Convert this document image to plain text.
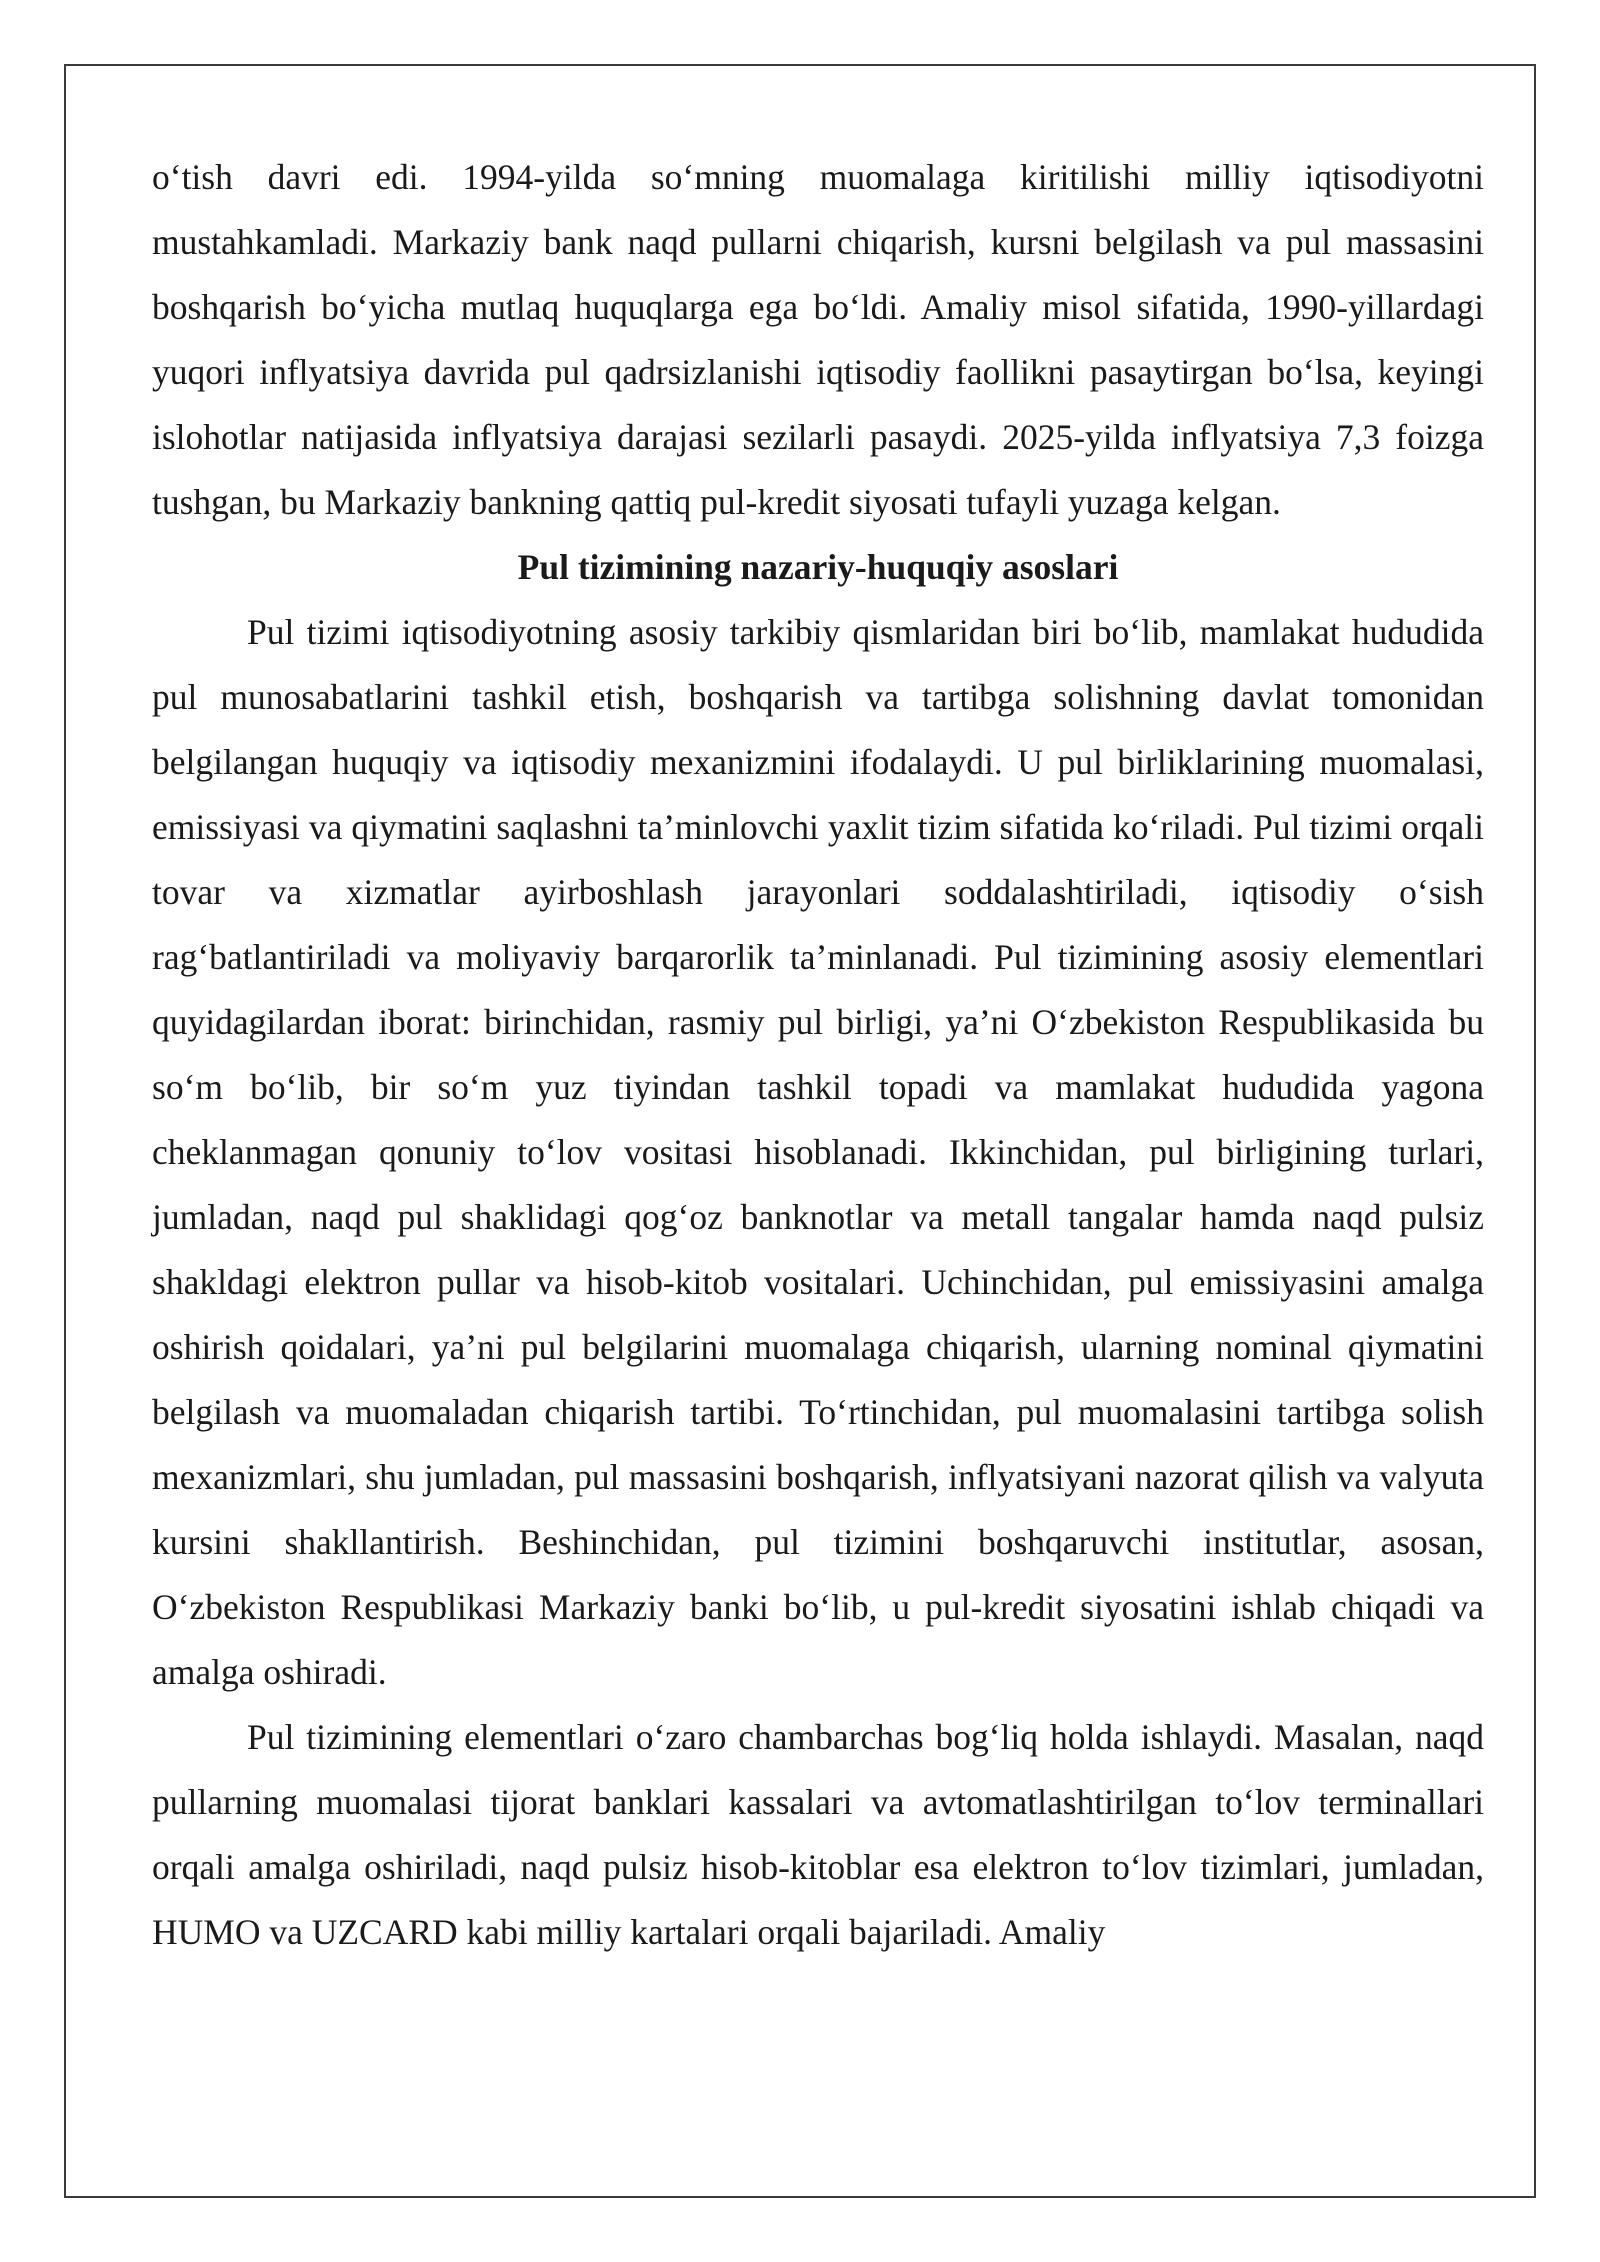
o‘tish davri edi. 1994-yilda so‘mning muomalaga kiritilishi milliy iqtisodiyotni mustahkamladi. Markaziy bank naqd pullarni chiqarish, kursni belgilash va pul massasini boshqarish bo‘yicha mutlaq huquqlarga ega bo‘ldi. Amaliy misol sifatida, 1990-yillardagi yuqori inflyatsiya davrida pul qadrsizlanishi iqtisodiy faollikni pasaytirgan bo‘lsa, keyingi islohotlar natijasida inflyatsiya darajasi sezilarli pasaydi. 2025-yilda inflyatsiya 7,3 foizga tushgan, bu Markaziy bankning qattiq pul-kredit siyosati tufayli yuzaga kelgan.

Pul tizimining nazariy-huquqiy asoslari

Pul tizimi iqtisodiyotning asosiy tarkibiy qismlaridan biri bo‘lib, mamlakat hududida pul munosabatlarini tashkil etish, boshqarish va tartibga solishning davlat tomonidan belgilangan huquqiy va iqtisodiy mexanizmini ifodalaydi. U pul birliklarining muomalasi, emissiyasi va qiymatini saqlashni ta’minlovchi yaxlit tizim sifatida ko‘riladi. Pul tizimi orqali tovar va xizmatlar ayirboshlash jarayonlari soddalashtiriladi, iqtisodiy o‘sish rag‘batlantiriladi va moliyaviy barqarorlik ta’minlanadi. Pul tizimining asosiy elementlari quyidagilardan iborat: birinchidan, rasmiy pul birligi, ya’ni O‘zbekiston Respublikasida bu so‘m bo‘lib, bir so‘m yuz tiyindan tashkil topadi va mamlakat hududida yagona cheklanmagan qonuniy to‘lov vositasi hisoblanadi. Ikkinchidan, pul birligining turlari, jumladan, naqd pul shaklidagi qog‘oz banknotlar va metall tangalar hamda naqd pulsiz shakldagi elektron pullar va hisob-kitob vositalari. Uchinchidan, pul emissiyasini amalga oshirish qoidalari, ya’ni pul belgilarini muomalaga chiqarish, ularning nominal qiymatini belgilash va muomaladan chiqarish tartibi. To‘rtinchidan, pul muomalasini tartibga solish mexanizmlari, shu jumladan, pul massasini boshqarish, inflyatsiyani nazorat qilish va valyuta kursini shakllantirish. Beshinchidan, pul tizimini boshqaruvchi institutlar, asosan, O‘zbekiston Respublikasi Markaziy banki bo‘lib, u pul-kredit siyosatini ishlab chiqadi va amalga oshiradi.

Pul tizimining elementlari o‘zaro chambarchas bog‘liq holda ishlaydi. Masalan, naqd pullarning muomalasi tijorat banklari kassalari va avtomatlashtirilgan to‘lov terminallari orqali amalga oshiriladi, naqd pulsiz hisob-kitoblar esa elektron to‘lov tizimlari, jumladan, HUMO va UZCARD kabi milliy kartalari orqali bajariladi. Amaliy
